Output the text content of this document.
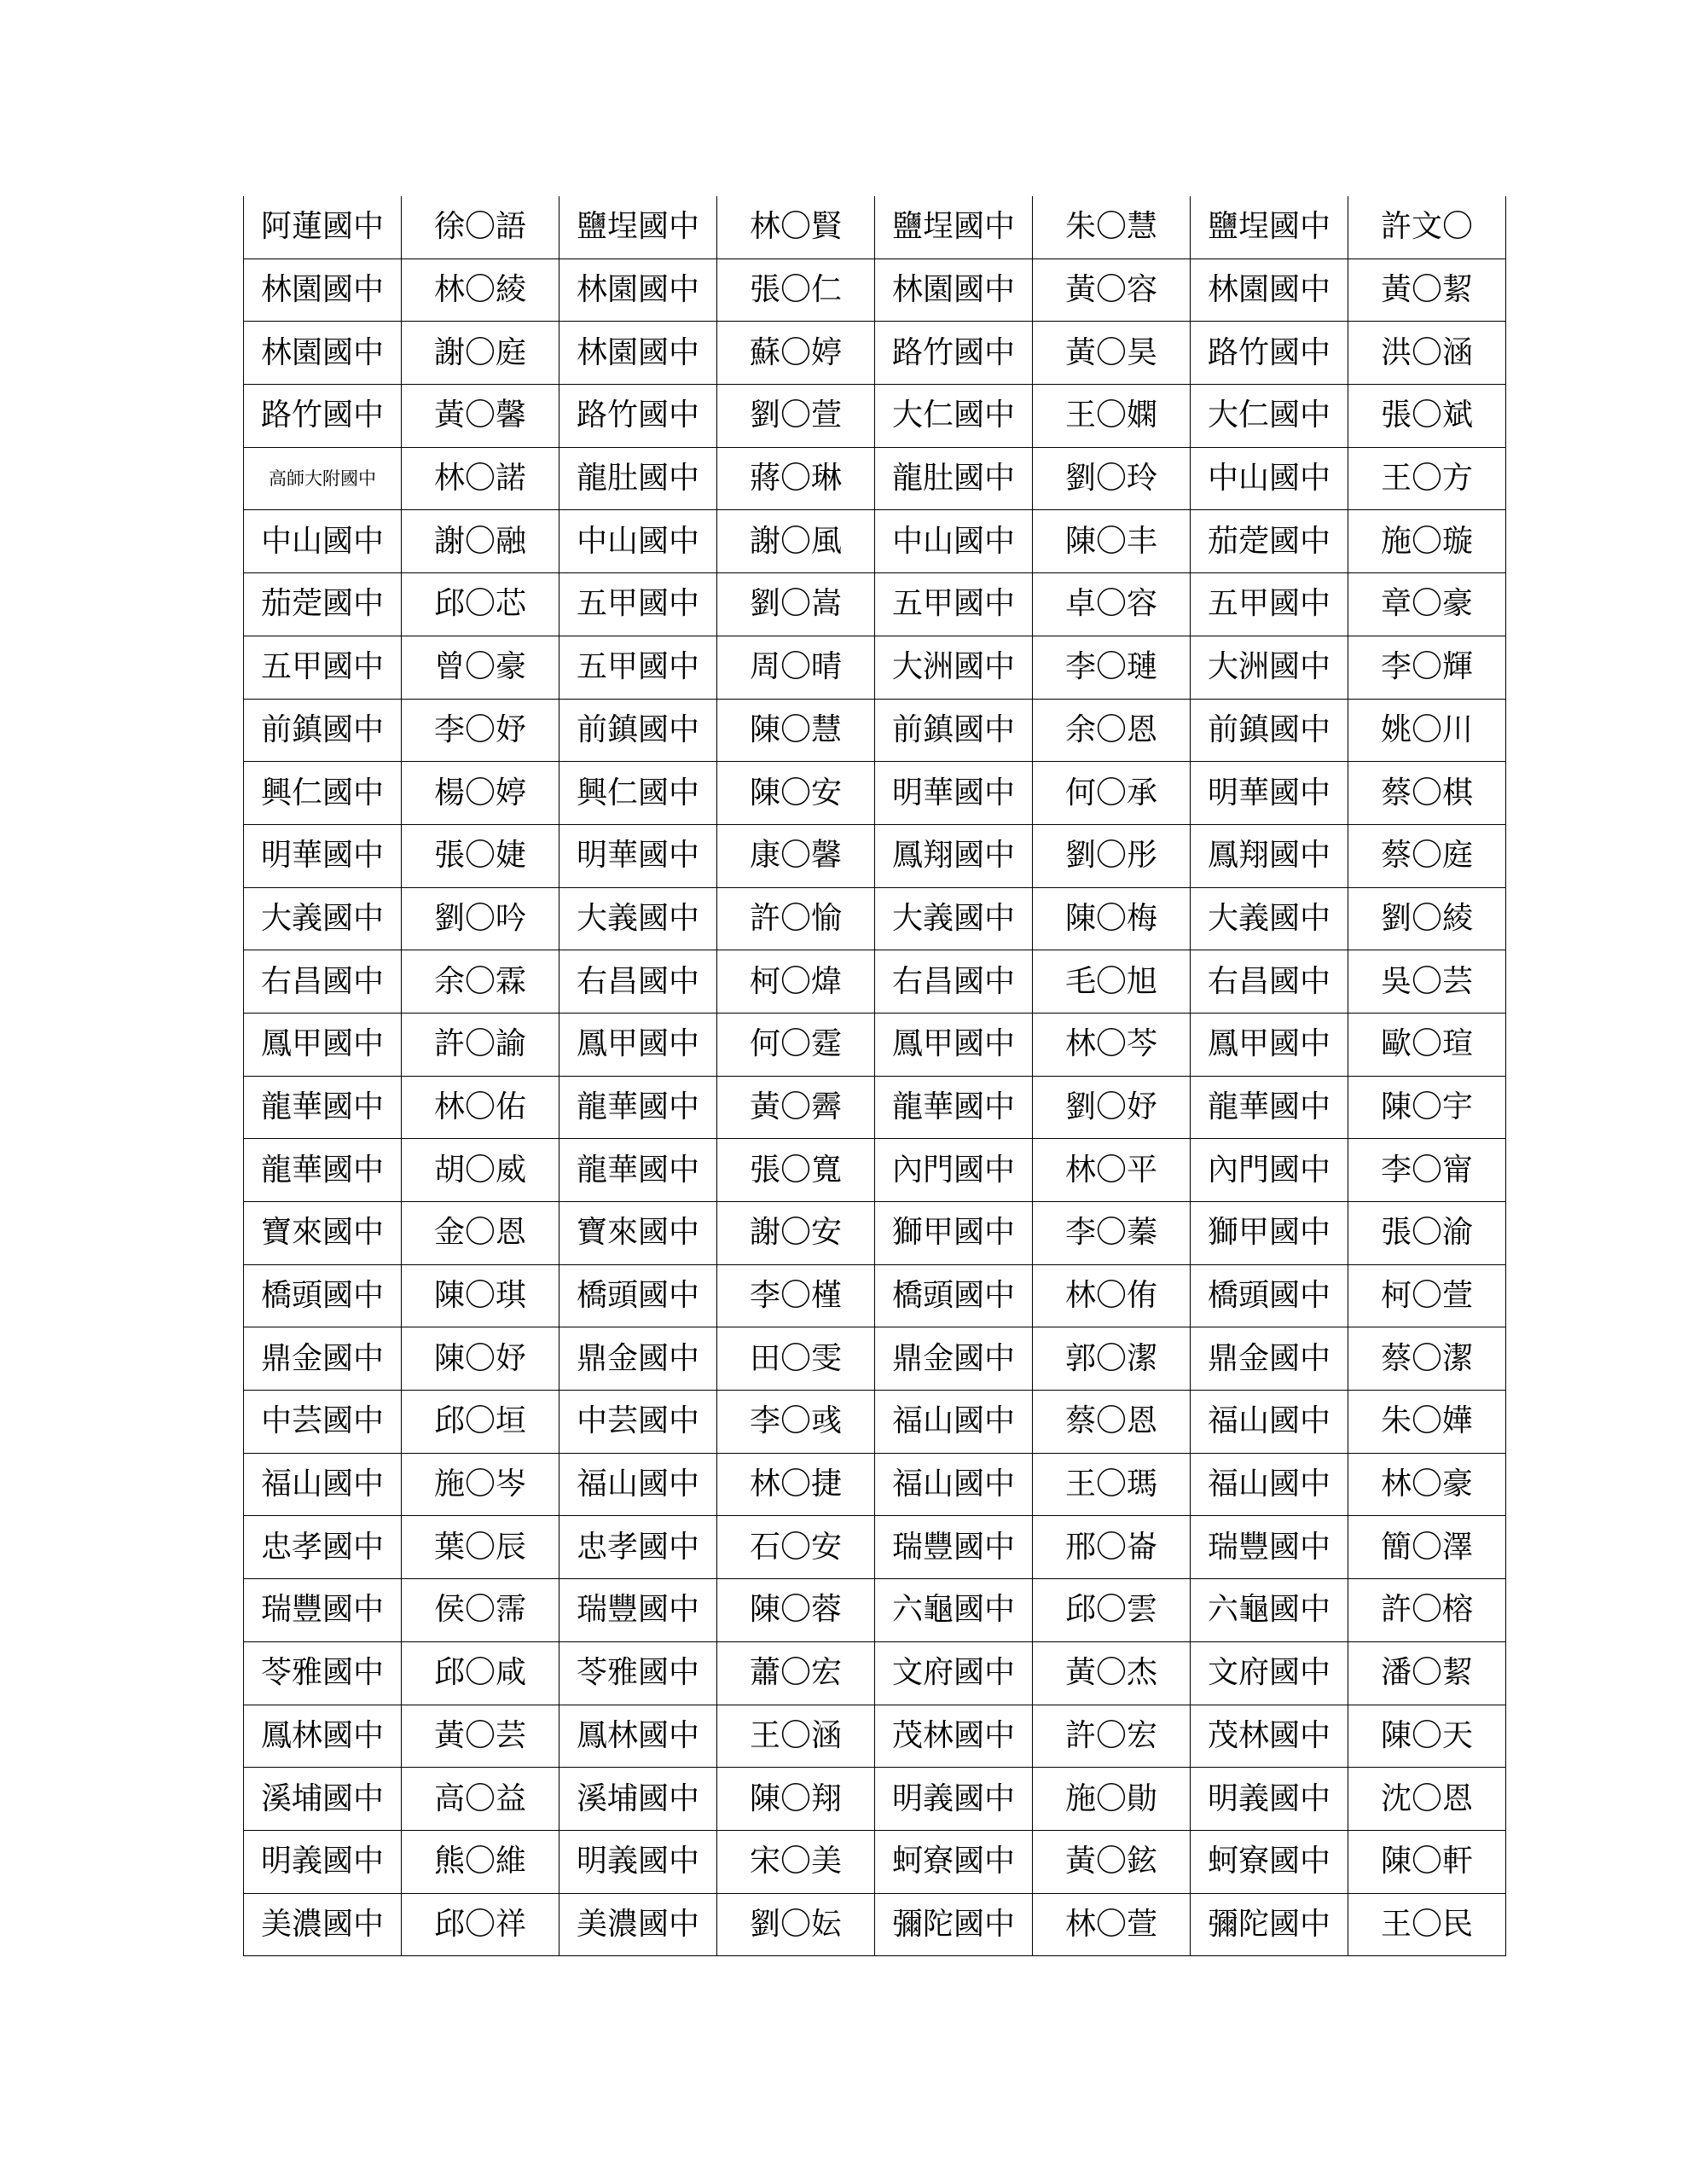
阿蓮國中	徐〇語	鹽埕國中	林〇賢	鹽埕國中	朱〇慧	鹽埕國中	許文〇
林園國中	林〇綾	林園國中	張〇仁	林園國中	黃〇容	林園國中	黃〇絜
林園國中	謝〇庭	林園國中	蘇〇婷	路竹國中	黃〇昊	路竹國中	洪〇涵
路竹國中	黃〇馨	路竹國中	劉〇萱	大仁國中	王〇嫻	大仁國中	張〇斌
高師大附國中	林〇諾	龍肚國中	蔣〇琳	龍肚國中	劉〇玲	中山國中	王〇方
中山國中	謝〇融	中山國中	謝〇風	中山國中	陳〇丰	茄萣國中	施〇璇
茄萣國中	邱〇芯	五甲國中	劉〇嵩	五甲國中	卓〇容	五甲國中	章〇豪
五甲國中	曾〇豪	五甲國中	周〇晴	大洲國中	李〇璉	大洲國中	李〇輝
前鎮國中	李〇妤	前鎮國中	陳〇慧	前鎮國中	余〇恩	前鎮國中	姚〇川
興仁國中	楊〇婷	興仁國中	陳〇安	明華國中	何〇承	明華國中	蔡〇棋
明華國中	張〇婕	明華國中	康〇馨	鳳翔國中	劉〇彤	鳳翔國中	蔡〇庭
大義國中	劉〇吟	大義國中	許〇愉	大義國中	陳〇梅	大義國中	劉〇綾
右昌國中	余〇霖	右昌國中	柯〇煒	右昌國中	毛〇旭	右昌國中	吳〇芸
鳳甲國中	許〇諭	鳳甲國中	何〇霆	鳳甲國中	林〇芩	鳳甲國中	歐〇瑄
龍華國中	林〇佑	龍華國中	黃〇霽	龍華國中	劉〇妤	龍華國中	陳〇宇
龍華國中	胡〇威	龍華國中	張〇寬	內門國中	林〇平	內門國中	李〇甯
寶來國中	金〇恩	寶來國中	謝〇安	獅甲國中	李〇蓁	獅甲國中	張〇渝
橋頭國中	陳〇琪	橋頭國中	李〇槿	橋頭國中	林〇侑	橋頭國中	柯〇萱
鼎金國中	陳〇妤	鼎金國中	田〇雯	鼎金國中	郭〇潔	鼎金國中	蔡〇潔
中芸國中	邱〇垣	中芸國中	李〇彧	福山國中	蔡〇恩	福山國中	朱〇嬅
福山國中	施〇岑	福山國中	林〇捷	福山國中	王〇瑪	福山國中	林〇豪
忠孝國中	葉〇辰	忠孝國中	石〇安	瑞豐國中	邢〇崙	瑞豐國中	簡〇澤
瑞豐國中	侯〇霈	瑞豐國中	陳〇蓉	六龜國中	邱〇雲	六龜國中	許〇榕
苓雅國中	邱〇咸	苓雅國中	蕭〇宏	文府國中	黃〇杰	文府國中	潘〇絜
鳳林國中	黃〇芸	鳳林國中	王〇涵	茂林國中	許〇宏	茂林國中	陳〇天
溪埔國中	高〇益	溪埔國中	陳〇翔	明義國中	施〇勛	明義國中	沈〇恩
明義國中	熊〇維	明義國中	宋〇美	蚵寮國中	黃〇鉉	蚵寮國中	陳〇軒
美濃國中	邱〇祥	美濃國中	劉〇妘	彌陀國中	林〇萱	彌陀國中	王〇民
